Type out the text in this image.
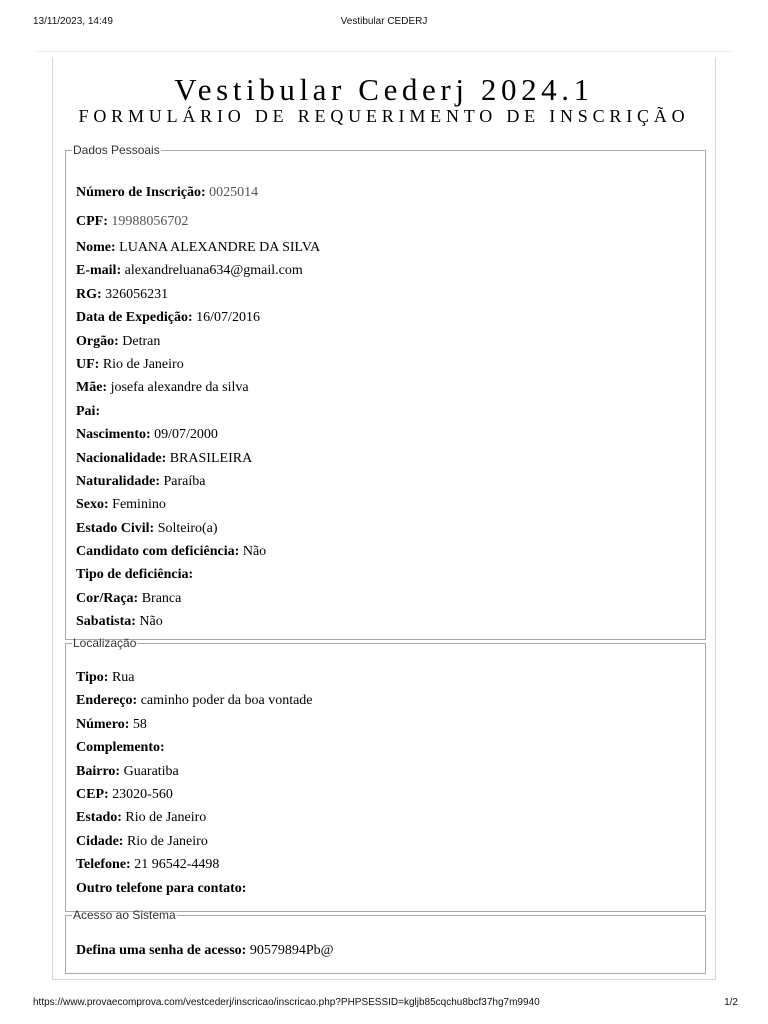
13/11/2023, 14:49	Vestibular CEDERJ
Vestibular Cederj 2024.1
FORMULÁRIO DE REQUERIMENTO DE INSCRIÇÃO
Dados Pessoais
Número de Inscrição: 0025014
CPF: 19988056702
Nome: LUANA ALEXANDRE DA SILVA
E-mail: alexandreluana634@gmail.com
RG: 326056231
Data de Expedição: 16/07/2016
Orgão: Detran
UF: Rio de Janeiro
Mãe: josefa alexandre da silva
Pai:
Nascimento: 09/07/2000
Nacionalidade: BRASILEIRA
Naturalidade: Paraíba
Sexo: Feminino
Estado Civil: Solteiro(a)
Candidato com deficiência: Não
Tipo de deficiência:
Cor/Raça: Branca
Sabatista: Não
Localização
Tipo: Rua
Endereço: caminho poder da boa vontade
Número: 58
Complemento:
Bairro: Guaratiba
CEP: 23020-560
Estado: Rio de Janeiro
Cidade: Rio de Janeiro
Telefone: 21 96542-4498
Outro telefone para contato:
Acesso ao Sistema
Defina uma senha de acesso: 90579894Pb@
https://www.provaecomprova.com/vestcederj/inscricao/inscricao.php?PHPSESSID=kgljb85cqchu8bcf37hg7m9940	1/2
